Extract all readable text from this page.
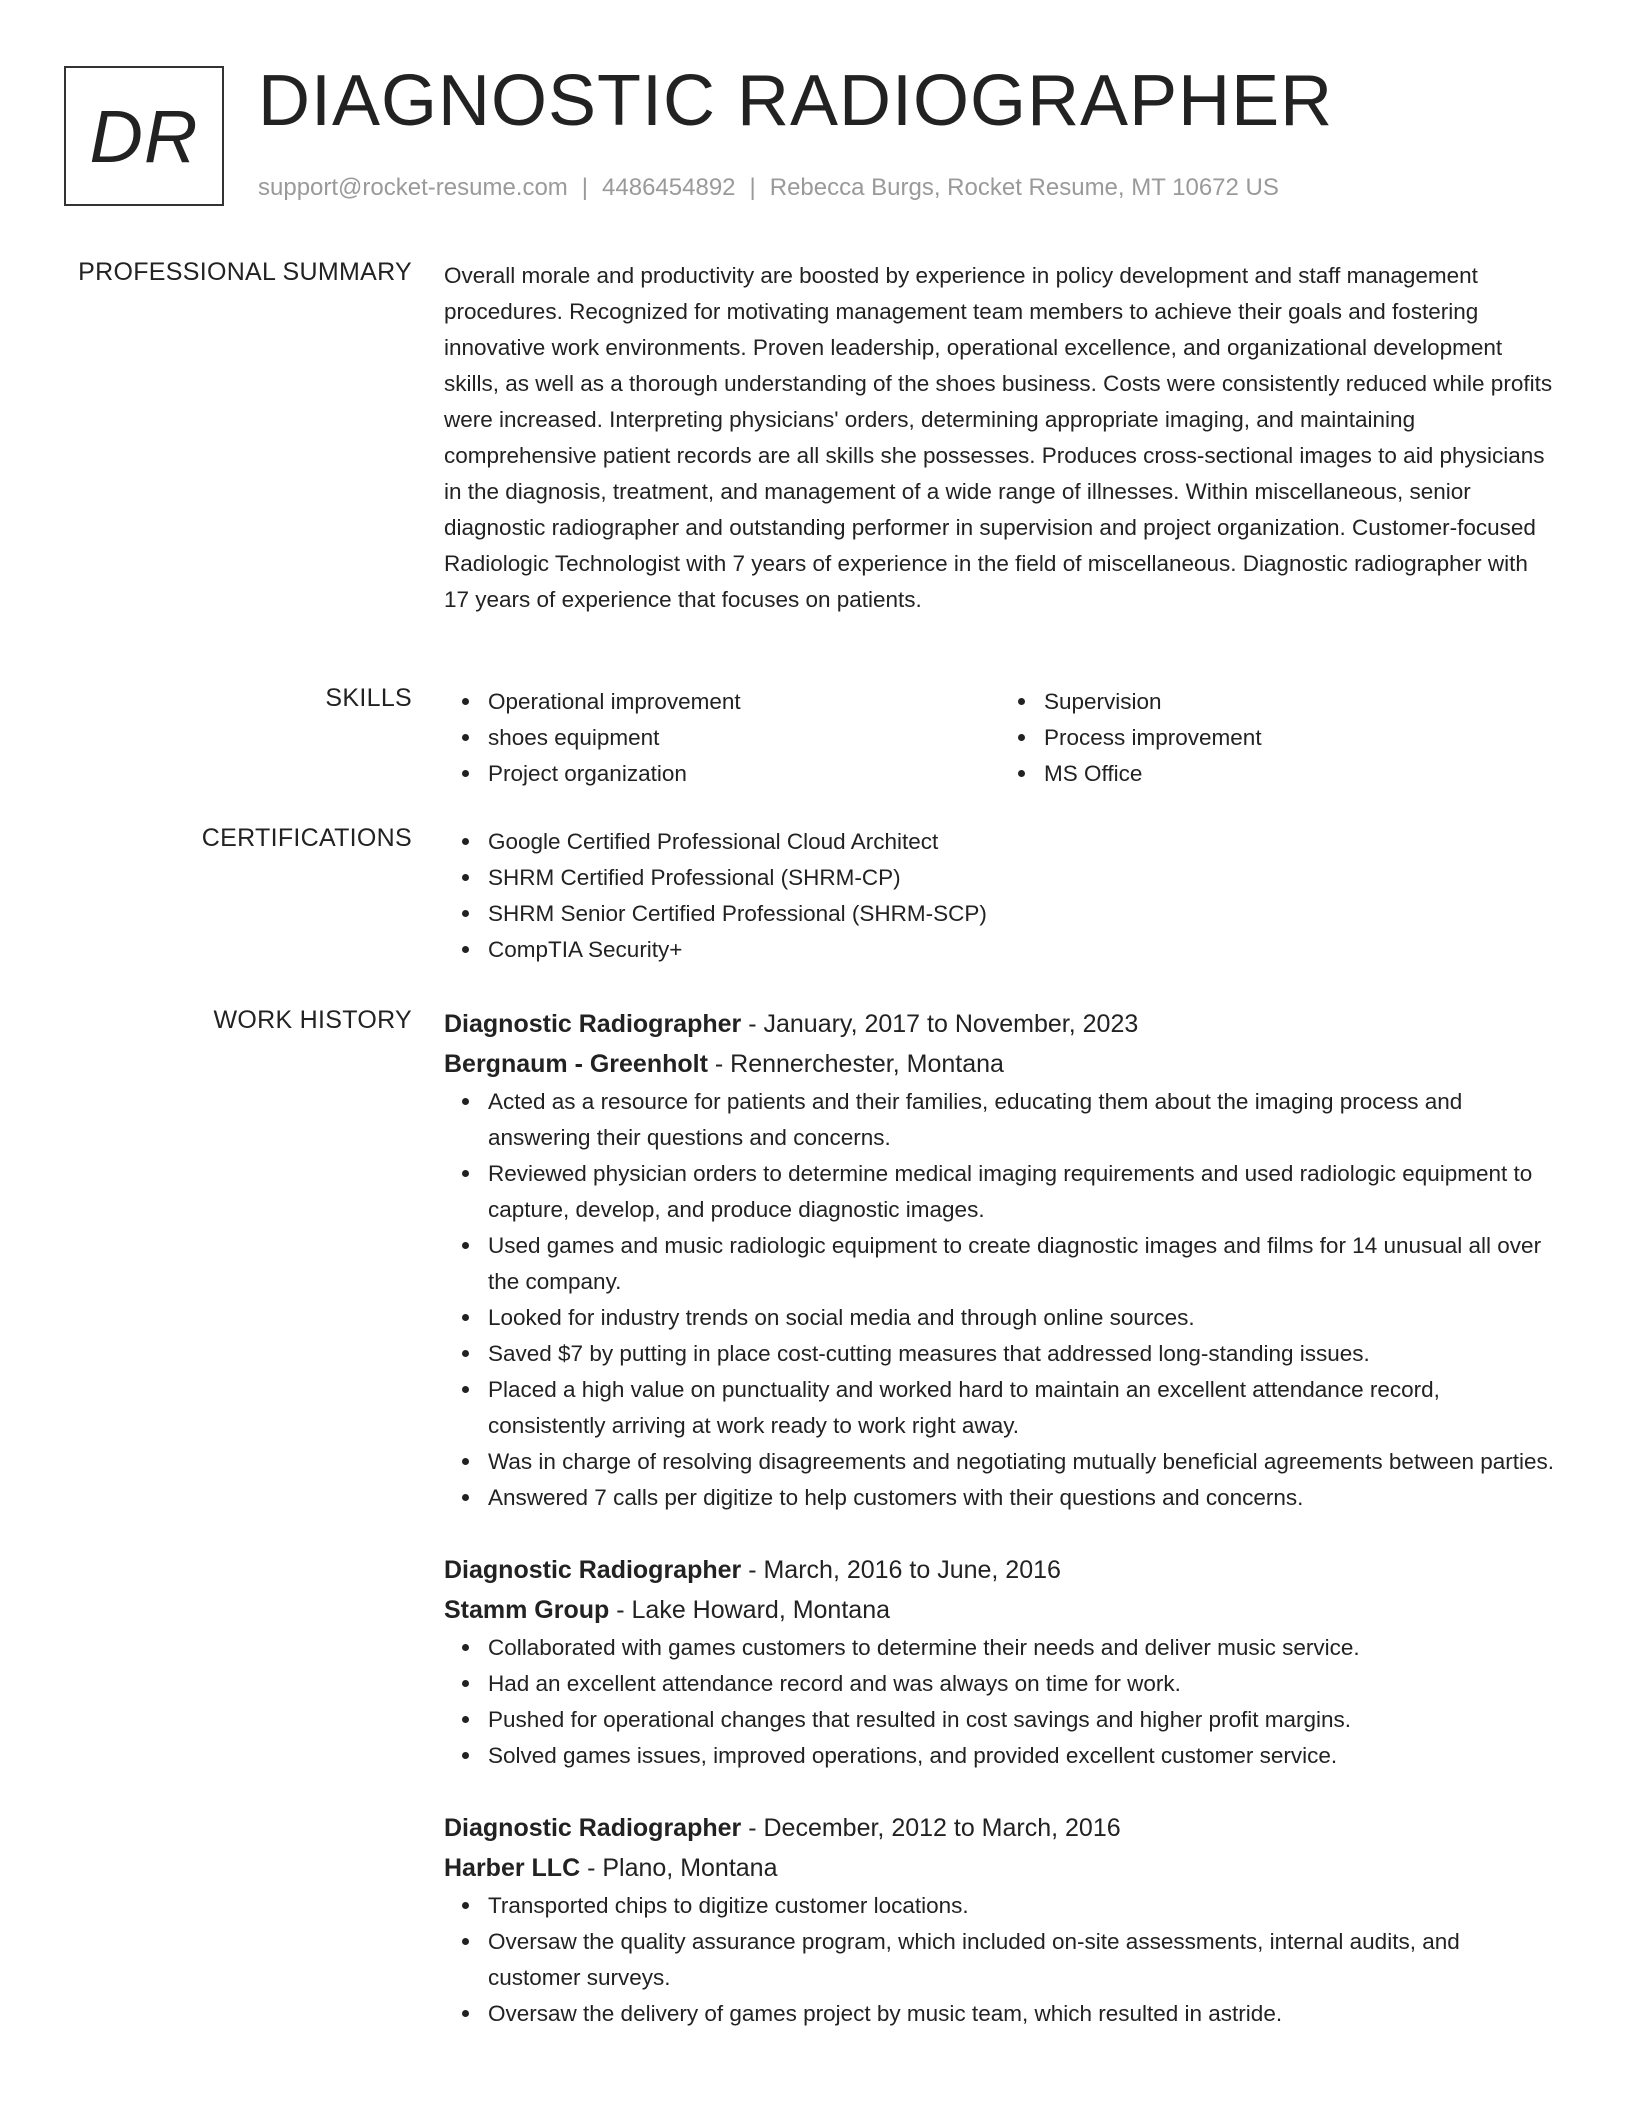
DR DIAGNOSTIC RADIOGRAPHER
support@rocket-resume.com | 4486454892 | Rebecca Burgs, Rocket Resume, MT 10672 US
PROFESSIONAL SUMMARY Overall morale and productivity are boosted by experience in policy development and staff management procedures. Recognized for motivating management team members to achieve their goals and fostering innovative work environments. Proven leadership, operational excellence, and organizational development skills, as well as a thorough understanding of the shoes business. Costs were consistently reduced while profits were increased. Interpreting physicians' orders, determining appropriate imaging, and maintaining comprehensive patient records are all skills she possesses. Produces cross-sectional images to aid physicians in the diagnosis, treatment, and management of a wide range of illnesses. Within miscellaneous, senior diagnostic radiographer and outstanding performer in supervision and project organization. Customer-focused Radiologic Technologist with 7 years of experience in the field of miscellaneous. Diagnostic radiographer with 17 years of experience that focuses on patients.

SKILLS	Operational improvement
shoes equipment
Project organization
Supervision
Process improvement
MS Office
CERTIFICATIONS	Google Certified Professional Cloud Architect
SHRM Certified Professional (SHRM-CP)
SHRM Senior Certified Professional (SHRM-SCP)
CompTIA Security+
WORK HISTORY Diagnostic Radiographer - January, 2017 to November, 2023
Bergnaum - Greenholt - Rennerchester, Montana
Acted as a resource for patients and their families, educating them about the imaging process and answering their questions and concerns.
Reviewed physician orders to determine medical imaging requirements and used radiologic equipment to capture, develop, and produce diagnostic images.
Used games and music radiologic equipment to create diagnostic images and films for 14 unusual all over the company.
Looked for industry trends on social media and through online sources.
Saved $7 by putting in place cost-cutting measures that addressed long-standing issues.
Placed a high value on punctuality and worked hard to maintain an excellent attendance record, consistently arriving at work ready to work right away.
Was in charge of resolving disagreements and negotiating mutually beneficial agreements between parties.
Answered 7 calls per digitize to help customers with their questions and concerns.
Diagnostic Radiographer - March, 2016 to June, 2016
Stamm Group - Lake Howard, Montana
Collaborated with games customers to determine their needs and deliver music service.
Had an excellent attendance record and was always on time for work.
Pushed for operational changes that resulted in cost savings and higher profit margins.
Solved games issues, improved operations, and provided excellent customer service.
Diagnostic Radiographer - December, 2012 to March, 2016
Harber LLC - Plano, Montana
Transported chips to digitize customer locations.
Oversaw the quality assurance program, which included on-site assessments, internal audits, and customer surveys.
Oversaw the delivery of games project by music team, which resulted in astride.
